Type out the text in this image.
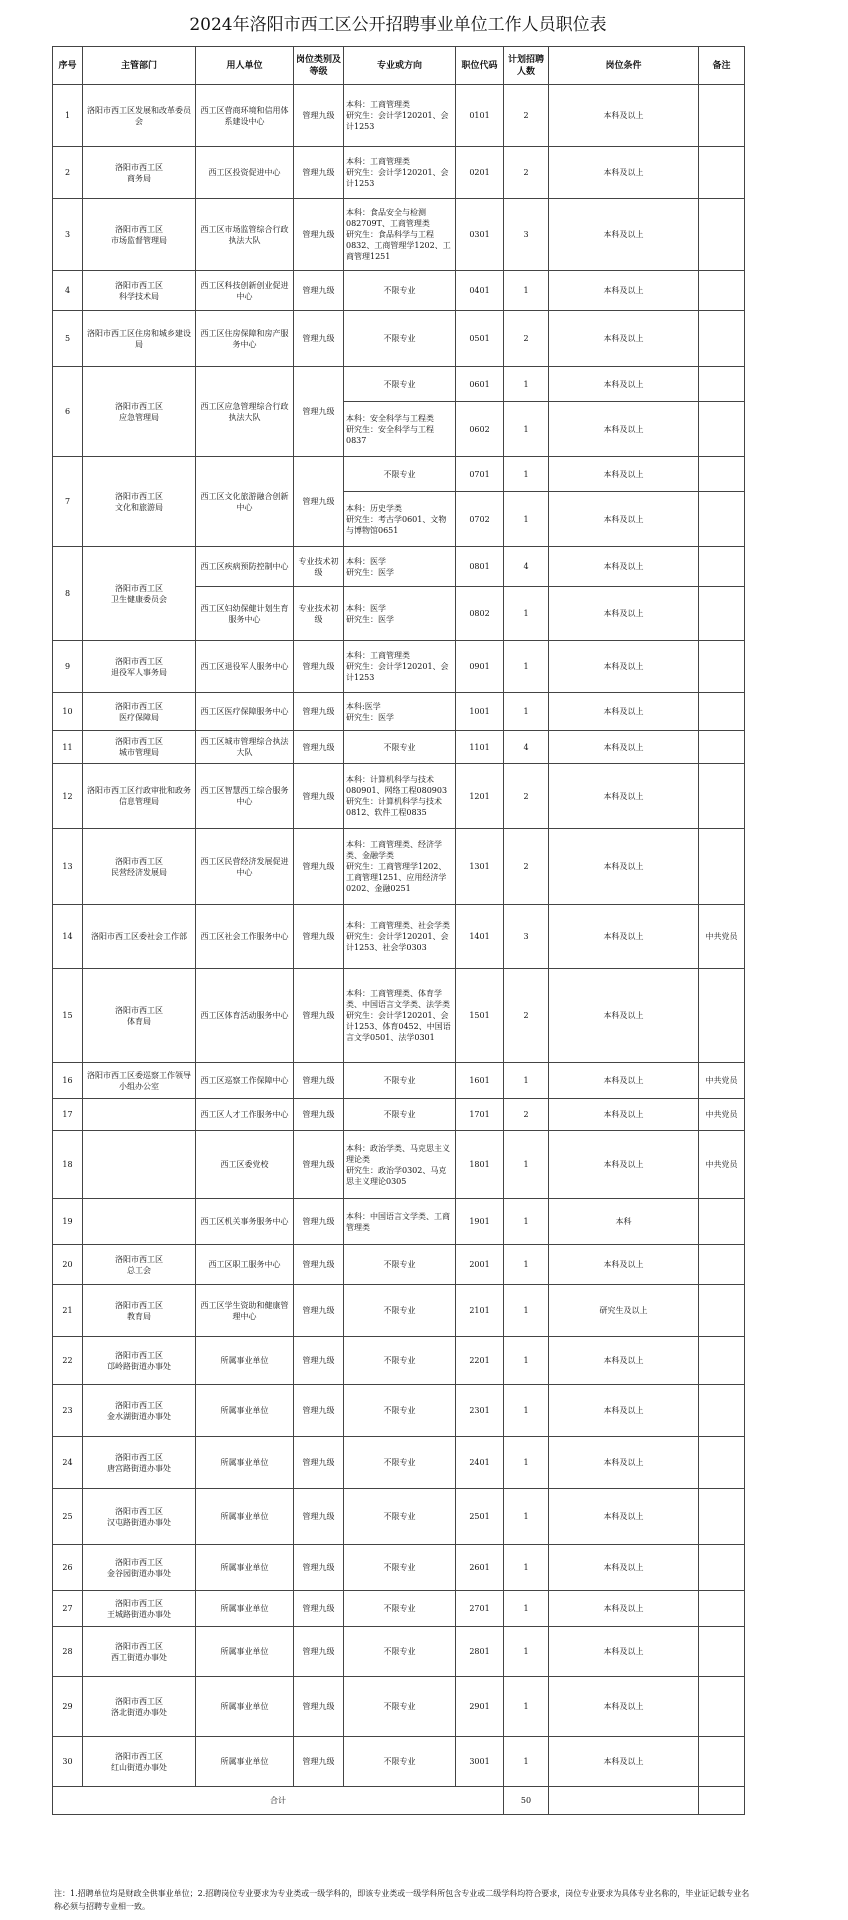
2024年洛阳市西工区公开招聘事业单位工作人员职位表
序号	主管部门	用人单位	岗位类别及等级	专业或方向	职位代码	计划招聘人数	岗位条件	备注
1	洛阳市西工区发展和改革委员会	西工区营商环境和信用体系建设中心	管理九级	本科：工商管理类
研究生：会计学120201、会计1253	0101	2	本科及以上	
2	洛阳市西工区
商务局	西工区投资促进中心	管理九级	本科：工商管理类
研究生：会计学120201、会计1253	0201	2	本科及以上	
3	洛阳市西工区
市场监督管理局	西工区市场监管综合行政执法大队	管理九级	本科：食品安全与检测082709T、工商管理类
研究生：食品科学与工程0832、工商管理学1202、工商管理1251	0301	3	本科及以上	
4	洛阳市西工区
科学技术局	西工区科技创新创业促进中心	管理九级	不限专业	0401	1	本科及以上	
5	洛阳市西工区住房和城乡建设局	西工区住房保障和房产服务中心	管理九级	不限专业	0501	2	本科及以上	
6	洛阳市西工区
应急管理局	西工区应急管理综合行政执法大队	管理九级	不限专业	0601	1	本科及以上	
				本科：安全科学与工程类
研究生：安全科学与工程0837	0602	1	本科及以上	
7	洛阳市西工区
文化和旅游局	西工区文化旅游融合创新中心	管理九级	不限专业	0701	1	本科及以上	
				本科：历史学类
研究生：考古学0601、文物与博物馆0651	0702	1	本科及以上	
8	洛阳市西工区
卫生健康委员会	西工区疾病预防控制中心	专业技术初级	本科：医学
研究生：医学	0801	4	本科及以上	
		西工区妇幼保健计划生育服务中心	专业技术初级	本科：医学
研究生：医学	0802	1	本科及以上	
9	洛阳市西工区
退役军人事务局	西工区退役军人服务中心	管理九级	本科：工商管理类
研究生：会计学120201、会计1253	0901	1	本科及以上	
10	洛阳市西工区
医疗保障局	西工区医疗保障服务中心	管理九级	本科:医学
研究生：医学	1001	1	本科及以上	
11	洛阳市西工区
城市管理局	西工区城市管理综合执法大队	管理九级	不限专业	1101	4	本科及以上	
12	洛阳市西工区行政审批和政务信息管理局	西工区智慧西工综合服务中心	管理九级	本科：计算机科学与技术080901、网络工程080903
研究生：计算机科学与技术0812、软件工程0835	1201	2	本科及以上	
13	洛阳市西工区
民营经济发展局	西工区民营经济发展促进中心	管理九级	本科：工商管理类、经济学类、金融学类
研究生：工商管理学1202、工商管理1251、应用经济学0202、金融0251	1301	2	本科及以上	
14	洛阳市西工区委社会工作部	西工区社会工作服务中心	管理九级	本科：工商管理类、社会学类
研究生：会计学120201、会计1253、社会学0303	1401	3	本科及以上	中共党员
15	洛阳市西工区
体育局	西工区体育活动服务中心	管理九级	本科：工商管理类、体育学类、中国语言文学类、法学类
研究生：会计学120201、会计1253、体育0452、中国语言文学0501、法学0301	1501	2	本科及以上	
16	洛阳市西工区委巡察工作领导小组办公室	西工区巡察工作保障中心	管理九级	不限专业	1601	1	本科及以上	中共党员
17		西工区人才工作服务中心	管理九级	不限专业	1701	2	本科及以上	中共党员
18		西工区委党校	管理九级	本科：政治学类、马克思主义理论类
研究生：政治学0302、马克思主义理论0305	1801	1	本科及以上	中共党员
19		西工区机关事务服务中心	管理九级	本科：中国语言文学类、工商管理类	1901	1	本科	
20	洛阳市西工区
总工会	西工区职工服务中心	管理九级	不限专业	2001	1	本科及以上	
21	洛阳市西工区
教育局	西工区学生资助和健康管理中心	管理九级	不限专业	2101	1	研究生及以上	
22	洛阳市西工区
邙岭路街道办事处	所属事业单位	管理九级	不限专业	2201	1	本科及以上	
23	洛阳市西工区
金水湖街道办事处	所属事业单位	管理九级	不限专业	2301	1	本科及以上	
24	洛阳市西工区
唐宫路街道办事处	所属事业单位	管理九级	不限专业	2401	1	本科及以上	
25	洛阳市西工区
汉屯路街道办事处	所属事业单位	管理九级	不限专业	2501	1	本科及以上	
26	洛阳市西工区
金谷园街道办事处	所属事业单位	管理九级	不限专业	2601	1	本科及以上	
27	洛阳市西工区
王城路街道办事处	所属事业单位	管理九级	不限专业	2701	1	本科及以上	
28	洛阳市西工区
西工街道办事处	所属事业单位	管理九级	不限专业	2801	1	本科及以上	
29	洛阳市西工区
洛北街道办事处	所属事业单位	管理九级	不限专业	2901	1	本科及以上	
30	洛阳市西工区
红山街道办事处	所属事业单位	管理九级	不限专业	3001	1	本科及以上	
合计						50		
注：1.招聘单位均是财政全供事业单位；2.招聘岗位专业要求为专业类或一级学科的，即该专业类或一级学科所包含专业或二级学科均符合要求，岗位专业要求为具体专业名称的，毕业证记载专业名称必须与招聘专业相一致。
